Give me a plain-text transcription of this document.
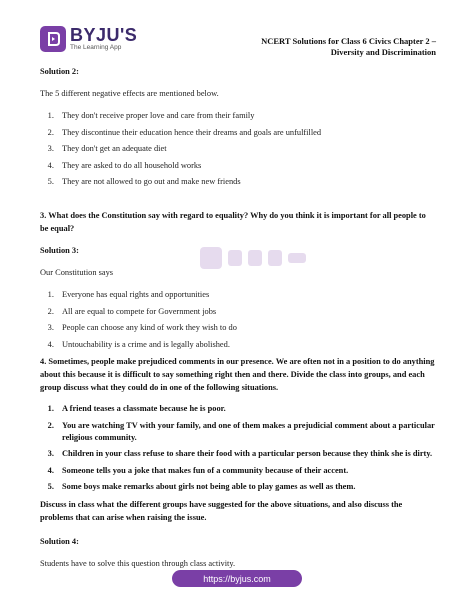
BYJU'S
The Learning App
NCERT Solutions for Class 6 Civics Chapter 2 –
Diversity and Discrimination

Solution 2:

The 5 different negative effects are mentioned below.

1. They don't receive proper love and care from their family
2. They discontinue their education hence their dreams and goals are unfulfilled
3. They don't get an adequate diet
4. They are asked to do all household works
5. They are not allowed to go out and make new friends

3. What does the Constitution say with regard to equality? Why do you think it is important for all people to be equal?

Solution 3:

Our Constitution says

1. Everyone has equal rights and opportunities
2. All are equal to compete for Government jobs
3. People can choose any kind of work they wish to do
4. Untouchability is a crime and is legally abolished.

4. Sometimes, people make prejudiced comments in our presence. We are often not in a position to do anything about this because it is difficult to say something right then and there. Divide the class into groups, and each group discuss what they could do in one of the following situations.

1. A friend teases a classmate because he is poor.
2. You are watching TV with your family, and one of them makes a prejudicial comment about a particular religious community.
3. Children in your class refuse to share their food with a particular person because they think she is dirty.
4. Someone tells you a joke that makes fun of a community because of their accent.
5. Some boys make remarks about girls not being able to play games as well as them.

Discuss in class what the different groups have suggested for the above situations, and also discuss the problems that can arise when raising the issue.

Solution 4:

Students have to solve this question through class activity.

https://byjus.com
